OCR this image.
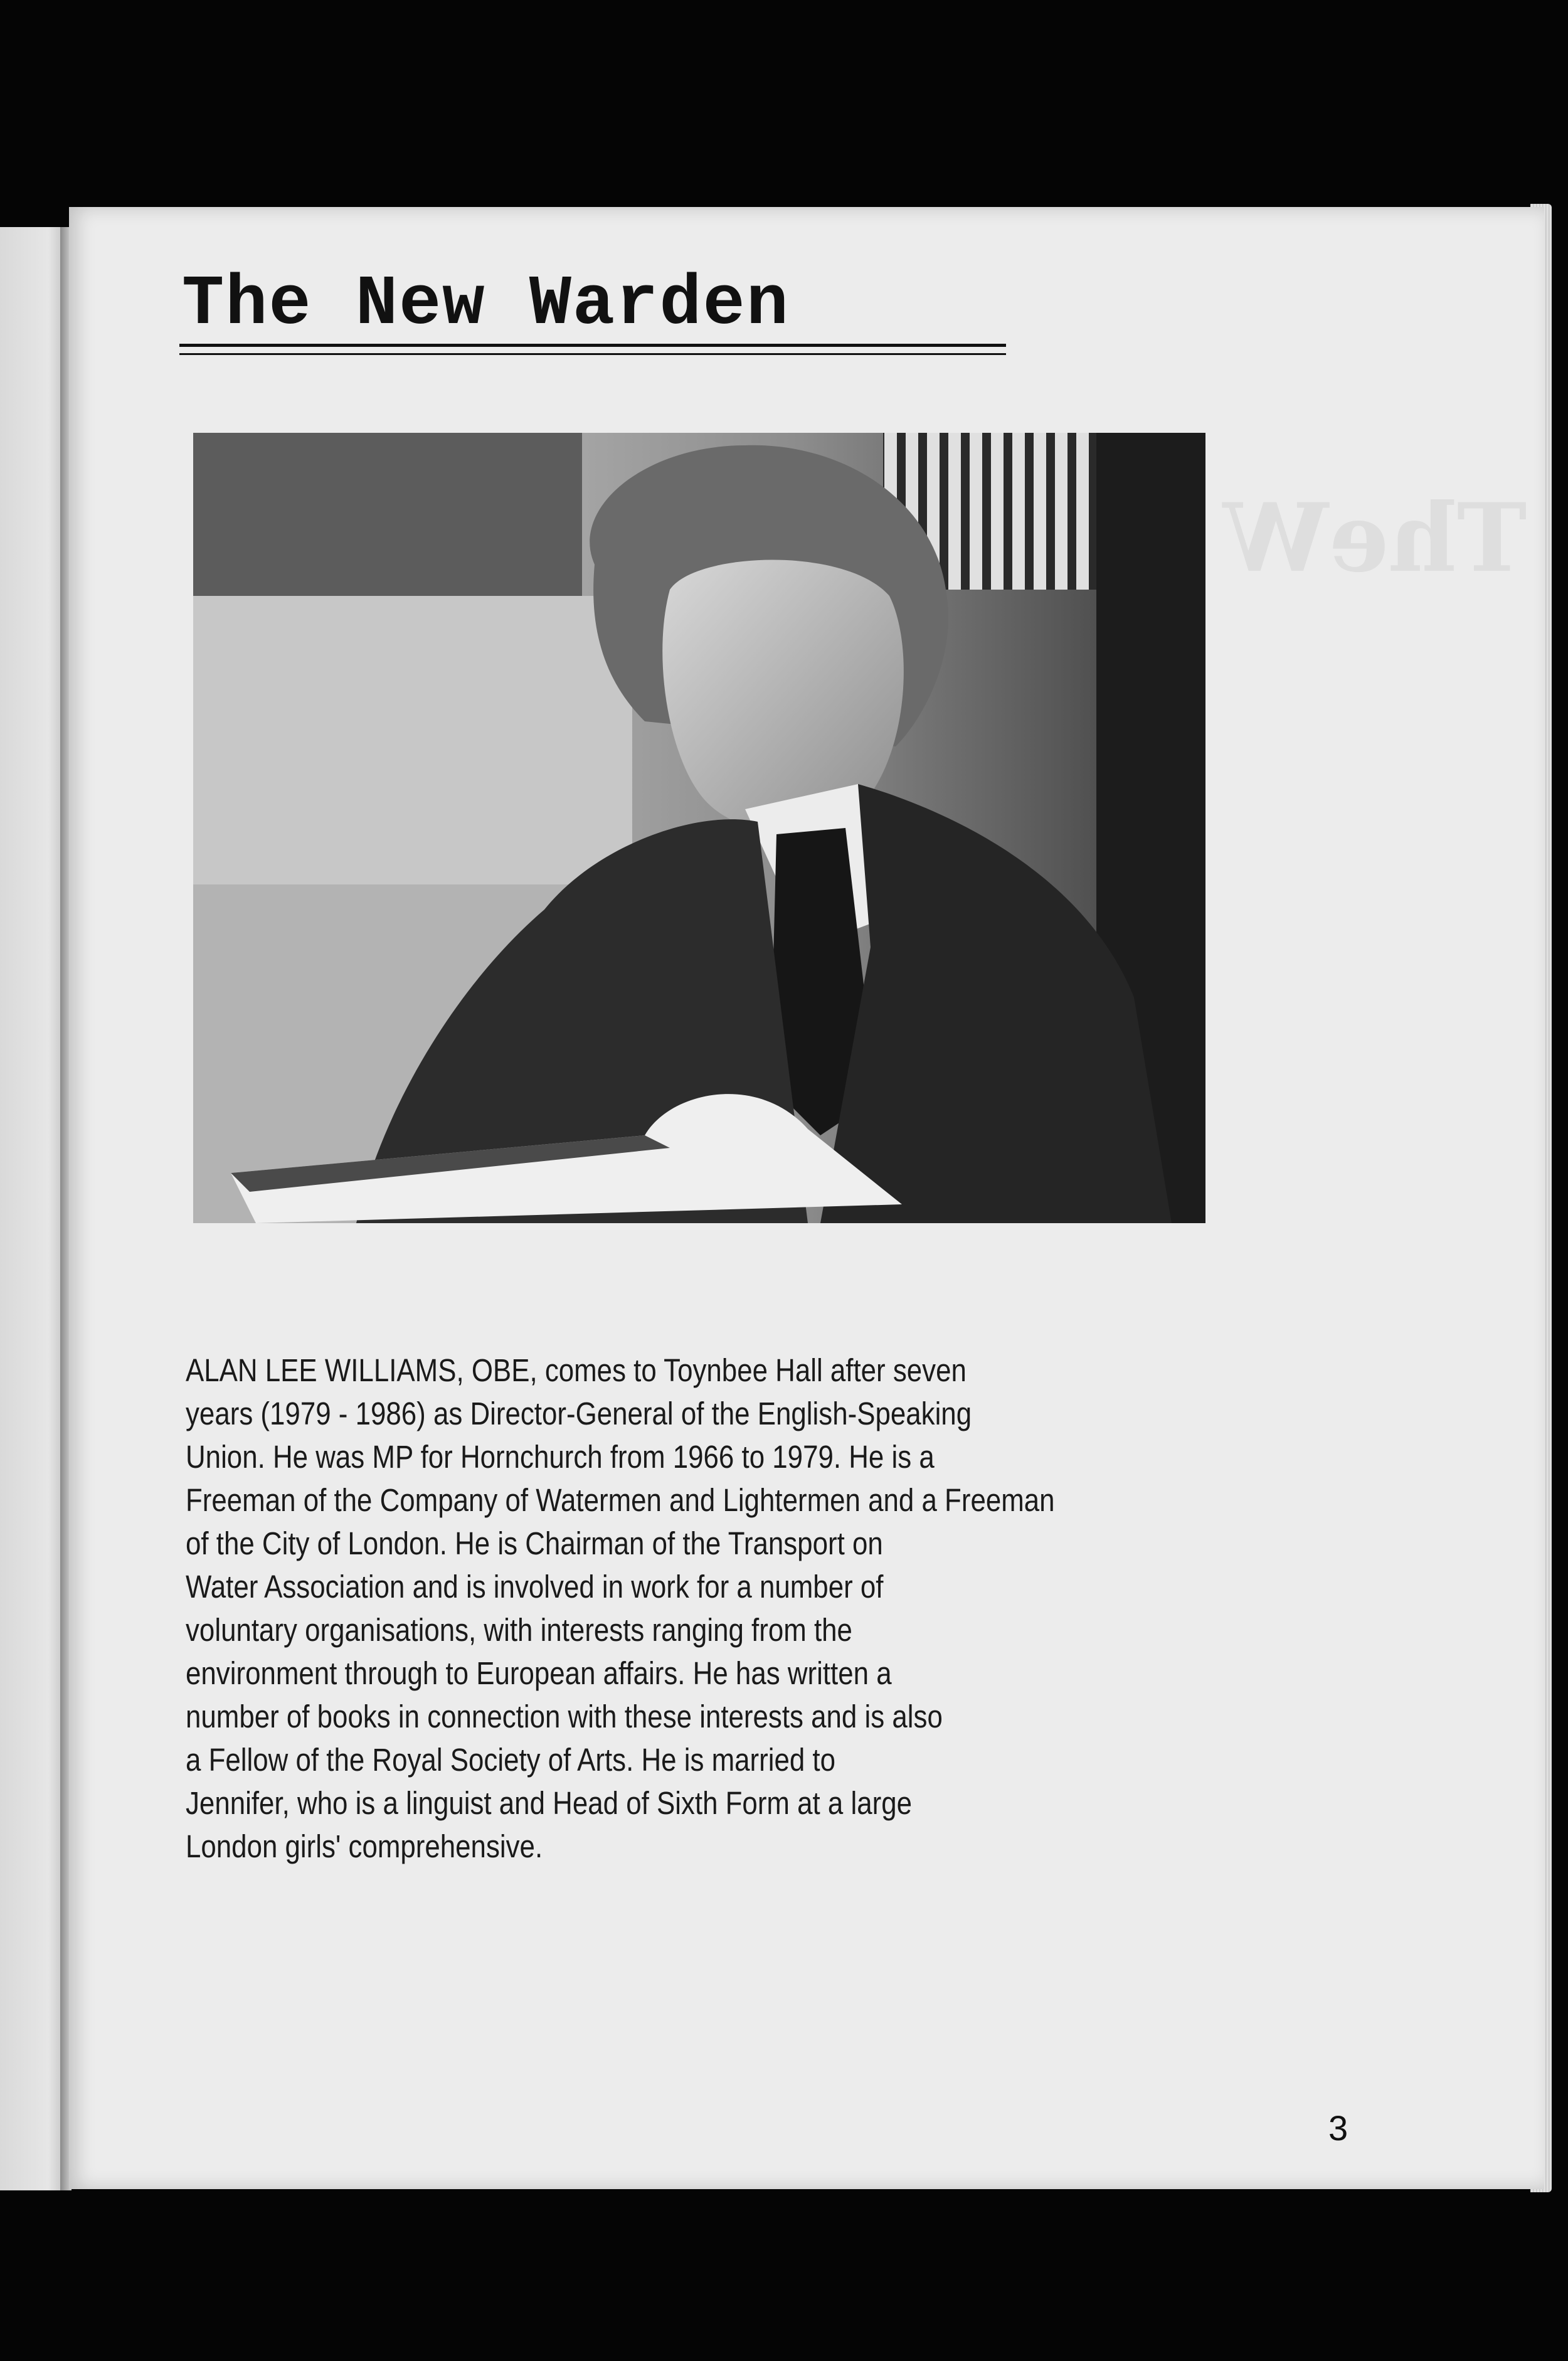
TheW
The New Warden

ALAN LEE WILLIAMS, OBE, comes to Toynbee Hall after seven
years (1979 - 1986) as Director-General of the English-Speaking
Union. He was MP for Hornchurch from 1966 to 1979. He is a
Freeman of the Company of Watermen and Lightermen and a Freeman
of the City of London. He is Chairman of the Transport on
Water Association and is involved in work for a number of
voluntary organisations, with interests ranging from the
environment through to European affairs. He has written a
number of books in connection with these interests and is also
a Fellow of the Royal Society of Arts. He is married to
Jennifer, who is a linguist and Head of Sixth Form at a large
London girls' comprehensive.

3
